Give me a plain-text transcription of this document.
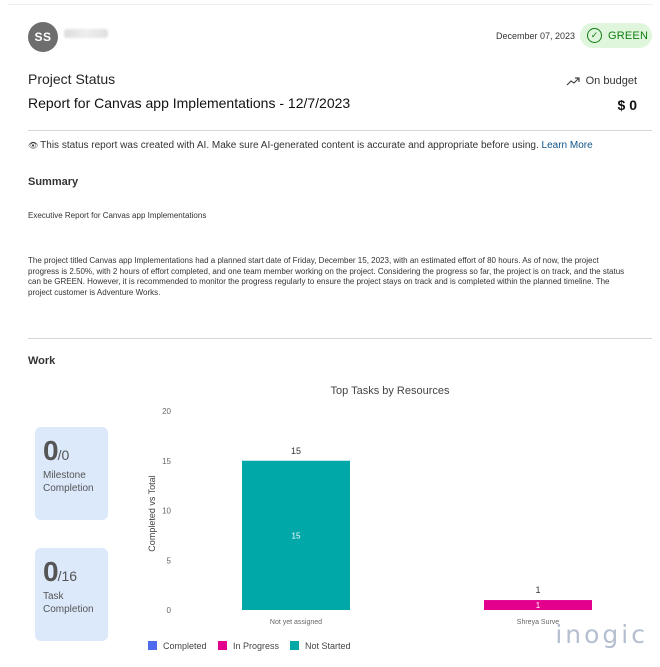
SS	December 07, 2023	✓ GREEN
Project Status
Report for Canvas app Implementations - 12/7/2023
On budget
$ 0
👁 This status report was created with AI. Make sure AI-generated content is accurate and appropriate before using. Learn More
Summary
Executive Report for Canvas app Implementations
The project titled Canvas app Implementations had a planned start date of Friday, December 15, 2023, with an estimated effort of 80 hours. As of now, the project progress is 2.50%, with 2 hours of effort completed, and one team member working on the project. Considering the progress so far, the project is on track, and the status can be GREEN. However, it is recommended to monitor the progress regularly to ensure the project stays on track and is completed within the planned timeline. The project customer is Adventure Works.
Work
0/0
Milestone
Completion
0/16
Task
Completion
Top Tasks by Resources
Completed vs Total
0
5
10
15
20
15
15
Not yet assigned
1
1
Shreya Surve
Completed	In Progress	Not Started	inogic
